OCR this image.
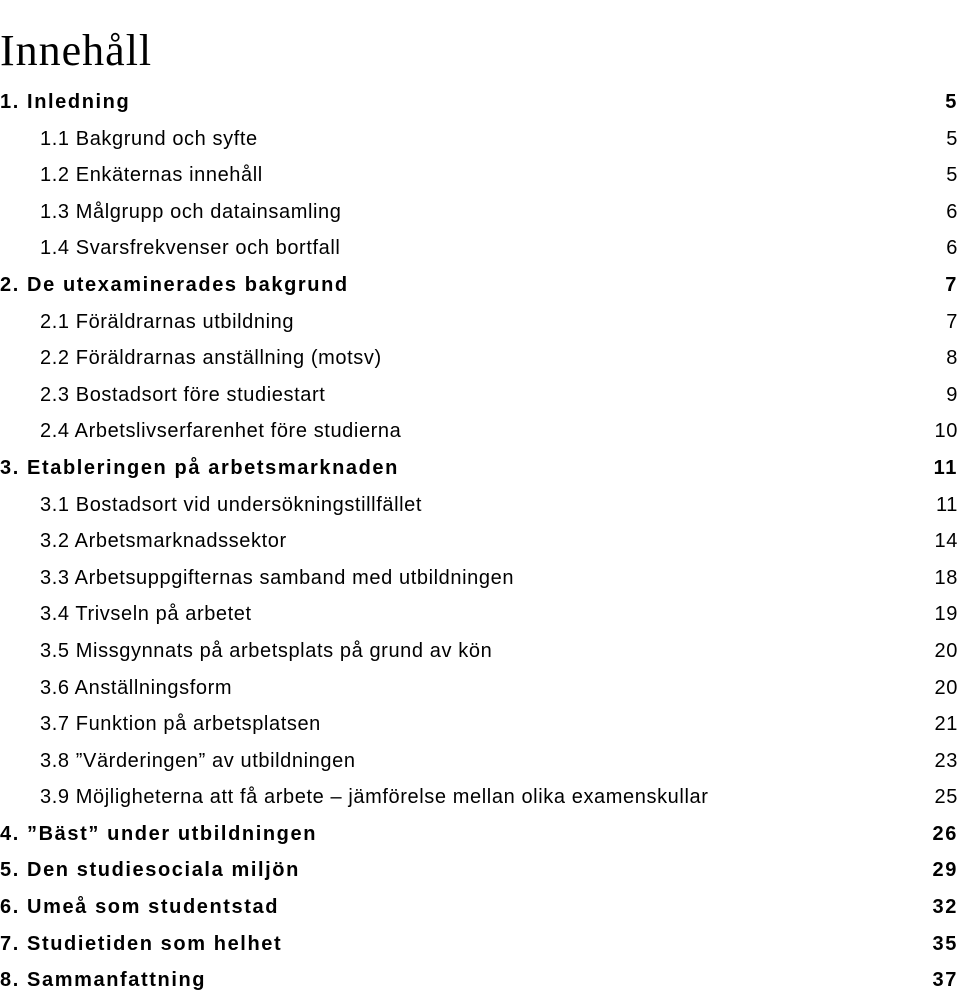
Innehåll
1. Inledning	5
1.1 Bakgrund och syfte	5
1.2 Enkäternas innehåll	5
1.3 Målgrupp och datainsamling	6
1.4 Svarsfrekvenser och bortfall	6
2. De utexaminerades bakgrund	7
2.1 Föräldrarnas utbildning	7
2.2 Föräldrarnas anställning (motsv)	8
2.3 Bostadsort före studiestart	9
2.4 Arbetslivserfarenhet före studierna	10
3. Etableringen på arbetsmarknaden	11
3.1 Bostadsort vid undersökningstillfället	11
3.2 Arbetsmarknadssektor	14
3.3 Arbetsuppgifternas samband med utbildningen	18
3.4 Trivseln på arbetet	19
3.5 Missgynnats på arbetsplats på grund av kön	20
3.6 Anställningsform	20
3.7 Funktion på arbetsplatsen	21
3.8 ”Värderingen” av utbildningen	23
3.9 Möjligheterna att få arbete – jämförelse mellan olika examenskullar	25
4. ”Bäst” under utbildningen	26
5. Den studiesociala miljön	29
6. Umeå som studentstad	32
7. Studietiden som helhet	35
8. Sammanfattning	37
